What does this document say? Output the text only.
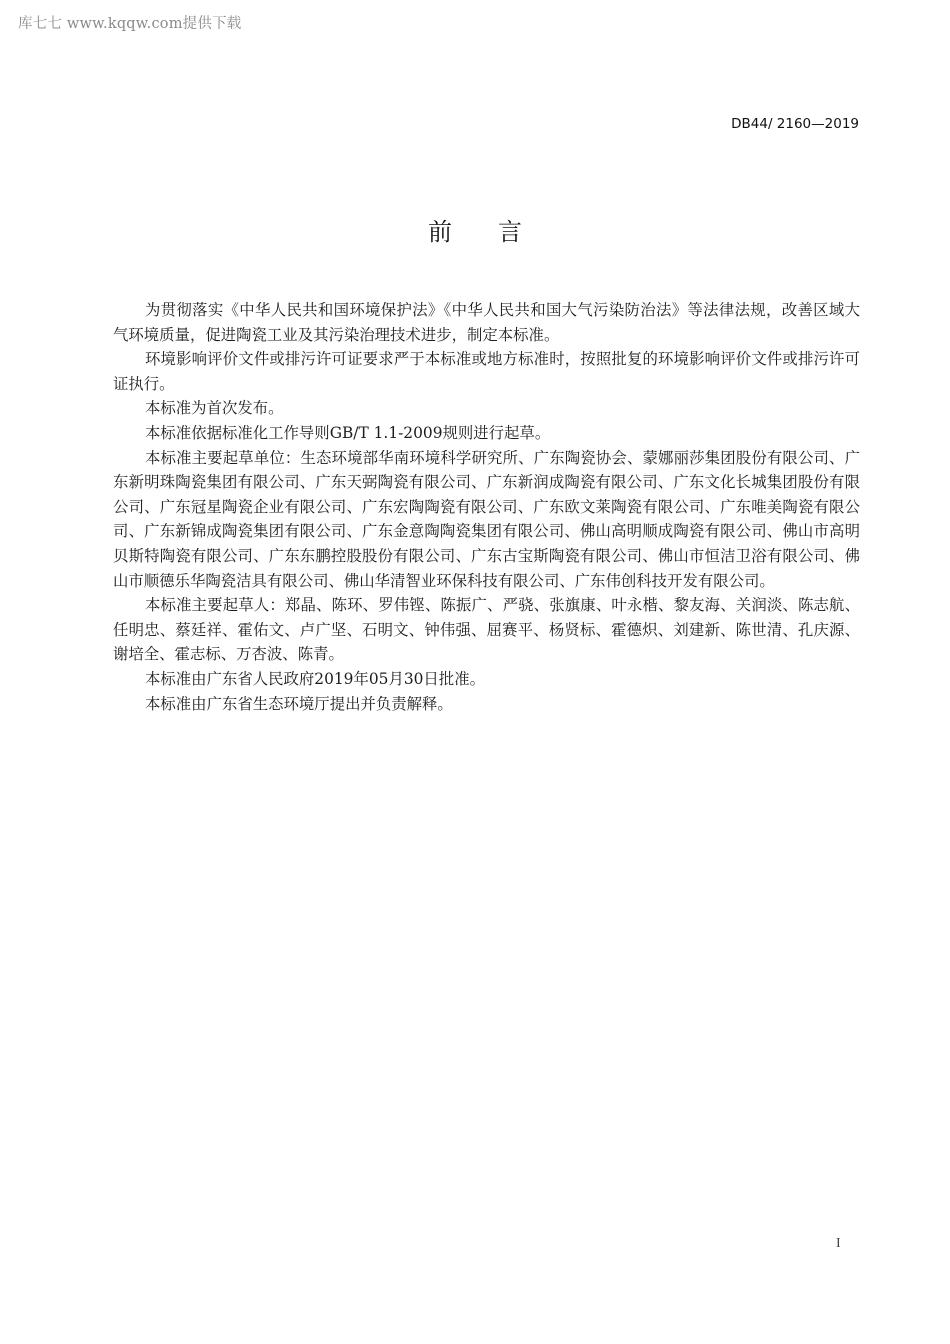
库七七 www.kqqw.com提供下载
DB44/ 2160—2019
前言

为贯彻落实《中华人民共和国环境保护法》《中华人民共和国大气污染防治法》等法律法规，改善区域大气环境质量，促进陶瓷工业及其污染治理技术进步，制定本标准。

环境影响评价文件或排污许可证要求严于本标准或地方标准时，按照批复的环境影响评价文件或排污许可证执行。

本标准为首次发布。

本标准依据标准化工作导则GB/T 1.1-2009规则进行起草。

本标准主要起草单位：生态环境部华南环境科学研究所、广东陶瓷协会、蒙娜丽莎集团股份有限公司、广东新明珠陶瓷集团有限公司、广东天弼陶瓷有限公司、广东新润成陶瓷有限公司、广东文化长城集团股份有限公司、广东冠星陶瓷企业有限公司、广东宏陶陶瓷有限公司、广东欧文莱陶瓷有限公司、广东唯美陶瓷有限公司、广东新锦成陶瓷集团有限公司、广东金意陶陶瓷集团有限公司、佛山高明顺成陶瓷有限公司、佛山市高明贝斯特陶瓷有限公司、广东东鹏控股股份有限公司、广东古宝斯陶瓷有限公司、佛山市恒洁卫浴有限公司、佛山市顺德乐华陶瓷洁具有限公司、佛山华清智业环保科技有限公司、广东伟创科技开发有限公司。

本标准主要起草人：郑晶、陈环、罗伟铿、陈振广、严骁、张旗康、叶永楷、黎友海、关润淡、陈志航、任明忠、蔡廷祥、霍佑文、卢广坚、石明文、钟伟强、屈赛平、杨贤标、霍德炽、刘建新、陈世清、孔庆源、谢培全、霍志标、万杏波、陈青。

本标准由广东省人民政府2019年05月30日批准。

本标准由广东省生态环境厅提出并负责解释。

I
